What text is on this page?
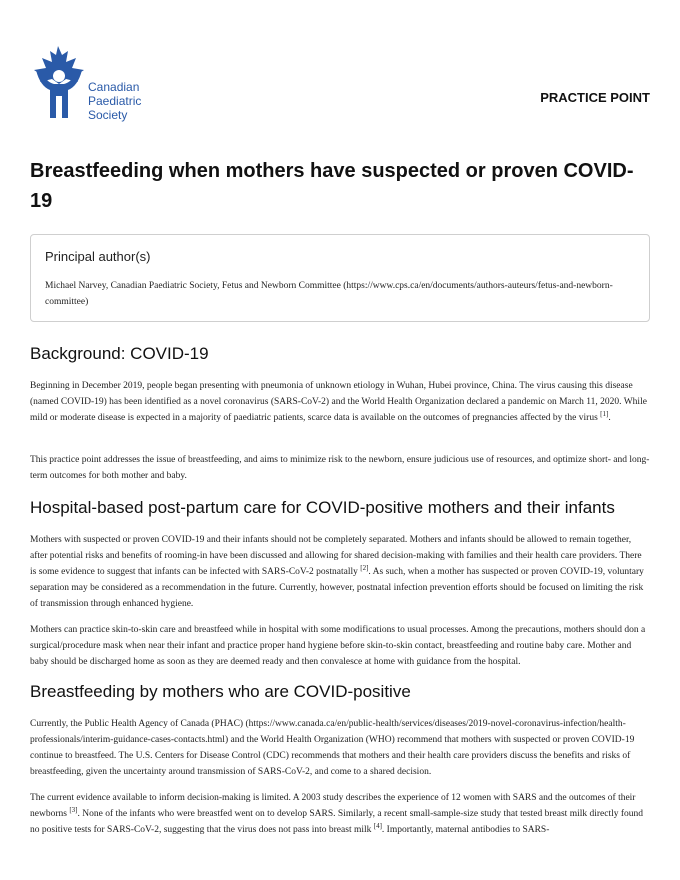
Canadian
Paediatric
Society
PRACTICE POINT
Breastfeeding when mothers have suspected or proven COVID-19

Principal author(s)

Michael Narvey, Canadian Paediatric Society, Fetus and Newborn Committee (https://www.cps.ca/en/documents/authors-auteurs/fetus-and-newborn-committee)

Background: COVID-19

Beginning in December 2019, people began presenting with pneumonia of unknown etiology in Wuhan, Hubei province, China. The virus causing this disease (named COVID-19) has been identified as a novel coronavirus (SARS-CoV-2) and the World Health Organization declared a pandemic on March 11, 2020. While mild or moderate disease is expected in a majority of paediatric patients, scarce data is available on the outcomes of pregnancies affected by the virus [1].

This practice point addresses the issue of breastfeeding, and aims to minimize risk to the newborn, ensure judicious use of resources, and optimize short- and long-term outcomes for both mother and baby.

Hospital-based post-partum care for COVID-positive mothers and their infants

Mothers with suspected or proven COVID-19 and their infants should not be completely separated. Mothers and infants should be allowed to remain together, after potential risks and benefits of rooming-in have been discussed and allowing for shared decision-making with families and their health care providers. There is some evidence to suggest that infants can be infected with SARS-CoV-2 postnatally [2]. As such, when a mother has suspected or proven COVID-19, voluntary separation may be considered as a recommendation in the future. Currently, however, postnatal infection prevention efforts should be focused on limiting the risk of transmission through enhanced hygiene.

Mothers can practice skin-to-skin care and breastfeed while in hospital with some modifications to usual processes. Among the precautions, mothers should don a surgical/procedure mask when near their infant and practice proper hand hygiene before skin-to-skin contact, breastfeeding and routine baby care. Mother and baby should be discharged home as soon as they are deemed ready and then convalesce at home with guidance from the hospital.

Breastfeeding by mothers who are COVID-positive

Currently, the Public Health Agency of Canada (PHAC) (https://www.canada.ca/en/public-health/services/diseases/2019-novel-coronavirus-infection/health-professionals/interim-guidance-cases-contacts.html) and the World Health Organization (WHO) recommend that mothers with suspected or proven COVID-19 continue to breastfeed. The U.S. Centers for Disease Control (CDC) recommends that mothers and their health care providers discuss the benefits and risks of breastfeeding, given the uncertainty around transmission of SARS-CoV-2, and come to a shared decision.

The current evidence available to inform decision-making is limited. A 2003 study describes the experience of 12 women with SARS and the outcomes of their newborns [3]. None of the infants who were breastfed went on to develop SARS. Similarly, a recent small-sample-size study that tested breast milk directly found no positive tests for SARS-CoV-2, suggesting that the virus does not pass into breast milk [4]. Importantly, maternal antibodies to SARS-
